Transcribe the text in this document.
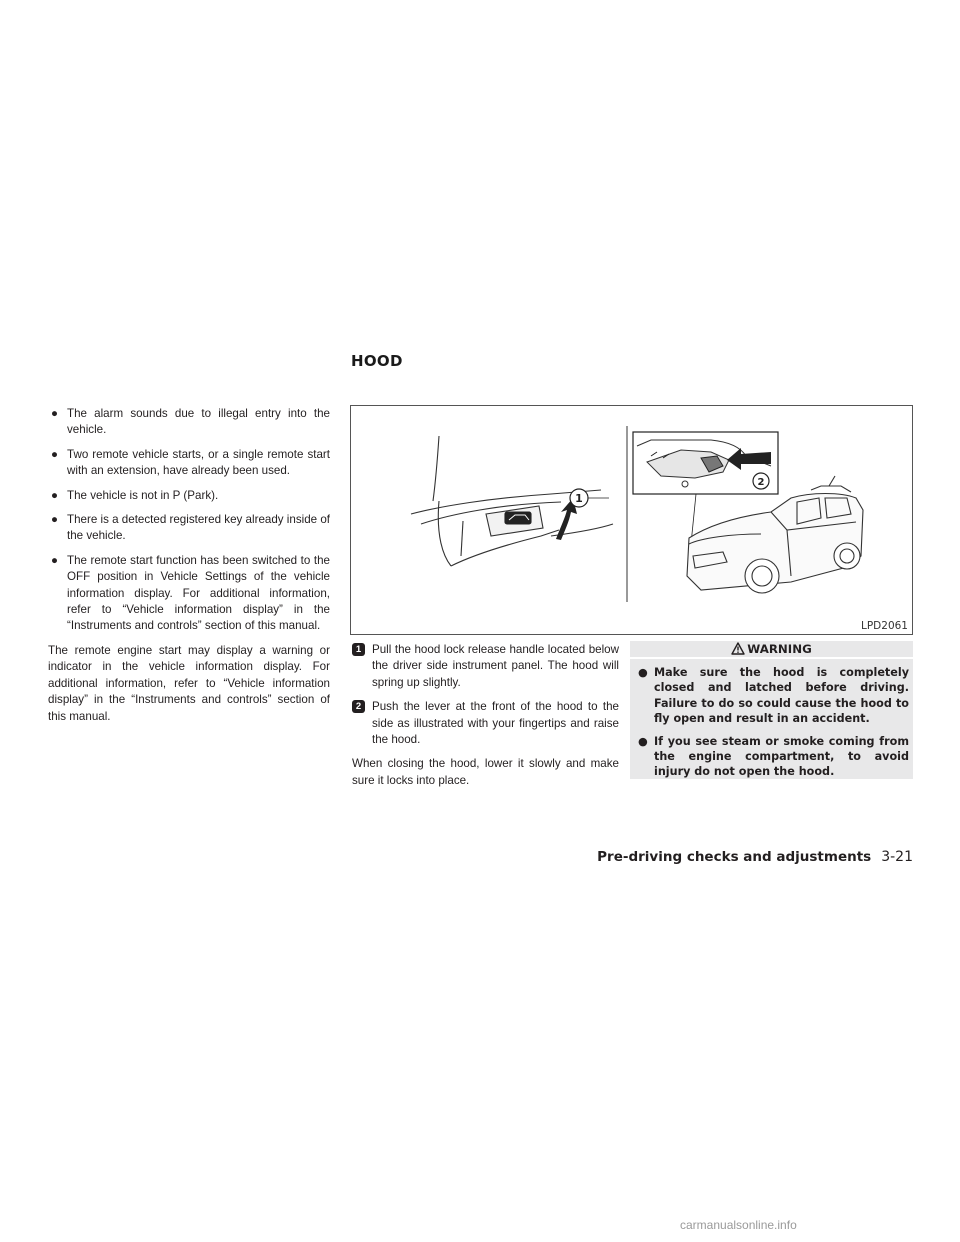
HOOD
● The alarm sounds due to illegal entry into the vehicle.
● Two remote vehicle starts, or a single remote start with an extension, have already been used.
● The vehicle is not in P (Park).
● There is a detected registered key already inside of the vehicle.
● The remote start function has been switched to the OFF position in Vehicle Settings of the vehicle information display. For additional information, refer to “Vehicle information display” in the “Instruments and controls” section of this manual.

The remote engine start may display a warning or indicator in the vehicle information display. For additional information, refer to “Vehicle information display” in the “Instruments and controls” section of this manual.

1
2
LPD2061
1 Pull the hood lock release handle located below the driver side instrument panel. The hood will spring up slightly.
2 Push the lever at the front of the hood to the side as illustrated with your fingertips and raise the hood.

When closing the hood, lower it slowly and make sure it locks into place.

WARNING
● Make sure the hood is completely closed and latched before driving. Failure to do so could cause the hood to fly open and result in an accident.
● If you see steam or smoke coming from the engine compartment, to avoid injury do not open the hood.
Pre-driving checks and adjustments 3-21
carmanualsonline.info
